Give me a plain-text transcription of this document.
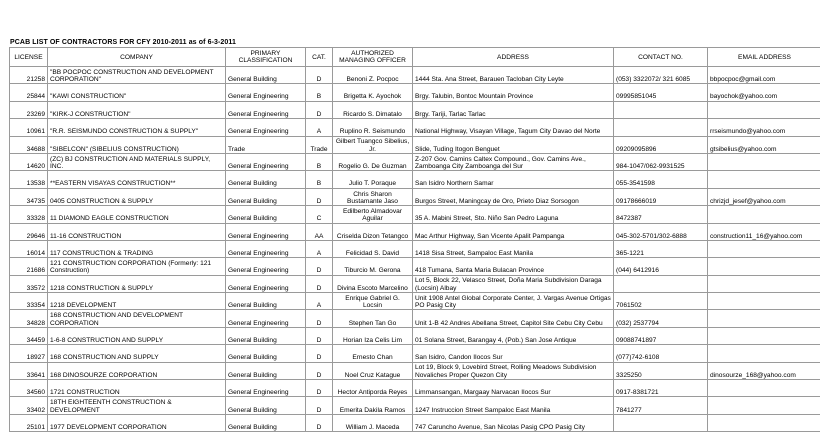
PCAB LIST OF CONTRACTORS FOR CFY 2010-2011 as of 6-3-2011
LICENSE	COMPANY	PRIMARY CLASSIFICATION	CAT.	AUTHORIZED MANAGING OFFICER	ADDRESS	CONTACT NO.	EMAIL ADDRESS
21258	"BB POCPOC CONSTRUCTION AND DEVELOPMENT CORPORATION"	General Building	D	Benoni Z. Pocpoc	1444 Sta. Ana Street, Barauen Tacloban City Leyte	(053) 3322072/ 321 6085	bbpocpoc@gmail.com
25844	"KAWI CONSTRUCTION"	General Engineering	B	Brigetta K. Ayochok	Brgy. Talubin, Bontoc Mountain Province	09995851045	bayochok@yahoo.com
23269	"KIRK-J CONSTRUCTION"	General Engineering	D	Ricardo S. Dimatalo	Brgy. Tariji, Tarlac Tarlac		
10961	"R.R. SEISMUNDO CONSTRUCTION & SUPPLY"	General Engineering	A	Ruplino R. Seismundo	National Highway, Visayan Village, Tagum City Davao del Norte		rrseismundo@yahoo.com
34688	"SIBELCON" (SIBELIUS CONSTRUCTION)	Trade	Trade	Gilbert Tuangco Sibelius, Jr.	Slide, Tuding Itogon Benguet	09209095896	gtsibelius@yahoo.com
14620	(ZC) BJ CONSTRUCTION AND MATERIALS SUPPLY, INC.	General Engineering	B	Rogelio G. De Guzman	Z-207 Gov. Camins Caltex Compound., Gov. Camins Ave., Zamboanga City Zamboanga del Sur	984-1047/062-9931525	
13538	**EASTERN VISAYAS CONSTRUCTION**	General Building	B	Julio T. Poraque	San Isidro Northern Samar	055-3541598	
34735	0405 CONSTRUCTION & SUPPLY	General Building	D	Chris Sharon Bustamante Jaso	Burgos Street, Maningcay de Oro, Prieto Diaz Sorsogon	09178666019	chrizjd_jesef@yahoo.com
33328	11 DIAMOND EAGLE CONSTRUCTION	General Building	C	Edilberto Almadovar Aguilar	35 A. Mabini Street, Sto. Niño San Pedro Laguna	8472387	
29646	11-16 CONSTRUCTION	General Engineering	AA	Criselda Dizon Tetangco	Mac Arthur Highway, San Vicente Apalit Pampanga	045-302-5701/302-6888	construction11_16@yahoo.com
16014	117 CONSTRUCTION & TRADING	General Engineering	A	Felicidad S. David	1418 Sisa Street, Sampaloc East Manila	365-1221	
21686	121 CONSTRUCTION CORPORATION (Formerly: 121 Construction)	General Engineering	D	Tiburcio M. Gerona	418 Tumana, Santa Maria Bulacan Province	(044) 6412916	
33572	1218 CONSTRUCTION & SUPPLY	General Engineering	D	Divina Escoto Marcelino	Lot 5, Block 22, Velasco Street, Doña Maria Subdivision Daraga (Locsin) Albay		
33354	1218 DEVELOPMENT	General Building	A	Enrique Gabriel G. Locsin	Unit 1908 Antel Global Corporate Center, J. Vargas Avenue Ortigas PO Pasig City	7061502	
34828	168 CONSTRUCTION AND DEVELOPMENT CORPORATION	General Engineering	D	Stephen Tan Go	Unit 1-B 42 Andres Abellana Street, Capitol Site Cebu City Cebu	(032) 2537794	
34459	1-6-8 CONSTRUCTION AND SUPPLY	General Building	D	Horian Iza Celis Lim	01 Solana Street, Barangay 4, (Pob.) San Jose Antique	09088741897	
18927	168 CONSTRUCTION AND SUPPLY	General Building	D	Ernesto Chan	San Isidro, Candon Ilocos Sur	(077)742-6108	
33641	168 DINOSOURZE CORPORATION	General Building	D	Noel Cruz Katague	Lot 19, Block 9, Lovebird Street, Rolling Meadows Subdivision Novaliches Proper Quezon City	3325250	dinosourze_168@yahoo.com
34560	1721 CONSTRUCTION	General Engineering	D	Hector Antiporda Reyes	Limmansangan, Margaay Narvacan Ilocos Sur	0917-8381721	
33402	18TH EIGHTEENTH CONSTRUCTION & DEVELOPMENT	General Building	D	Emerita Dakila Ramos	1247 Instruccion Street Sampaloc East Manila	7841277	
25101	1977 DEVELOPMENT CORPORATION	General Building	D	William J. Maceda	747 Caruncho Avenue, San Nicolas Pasig CPO Pasig City		
